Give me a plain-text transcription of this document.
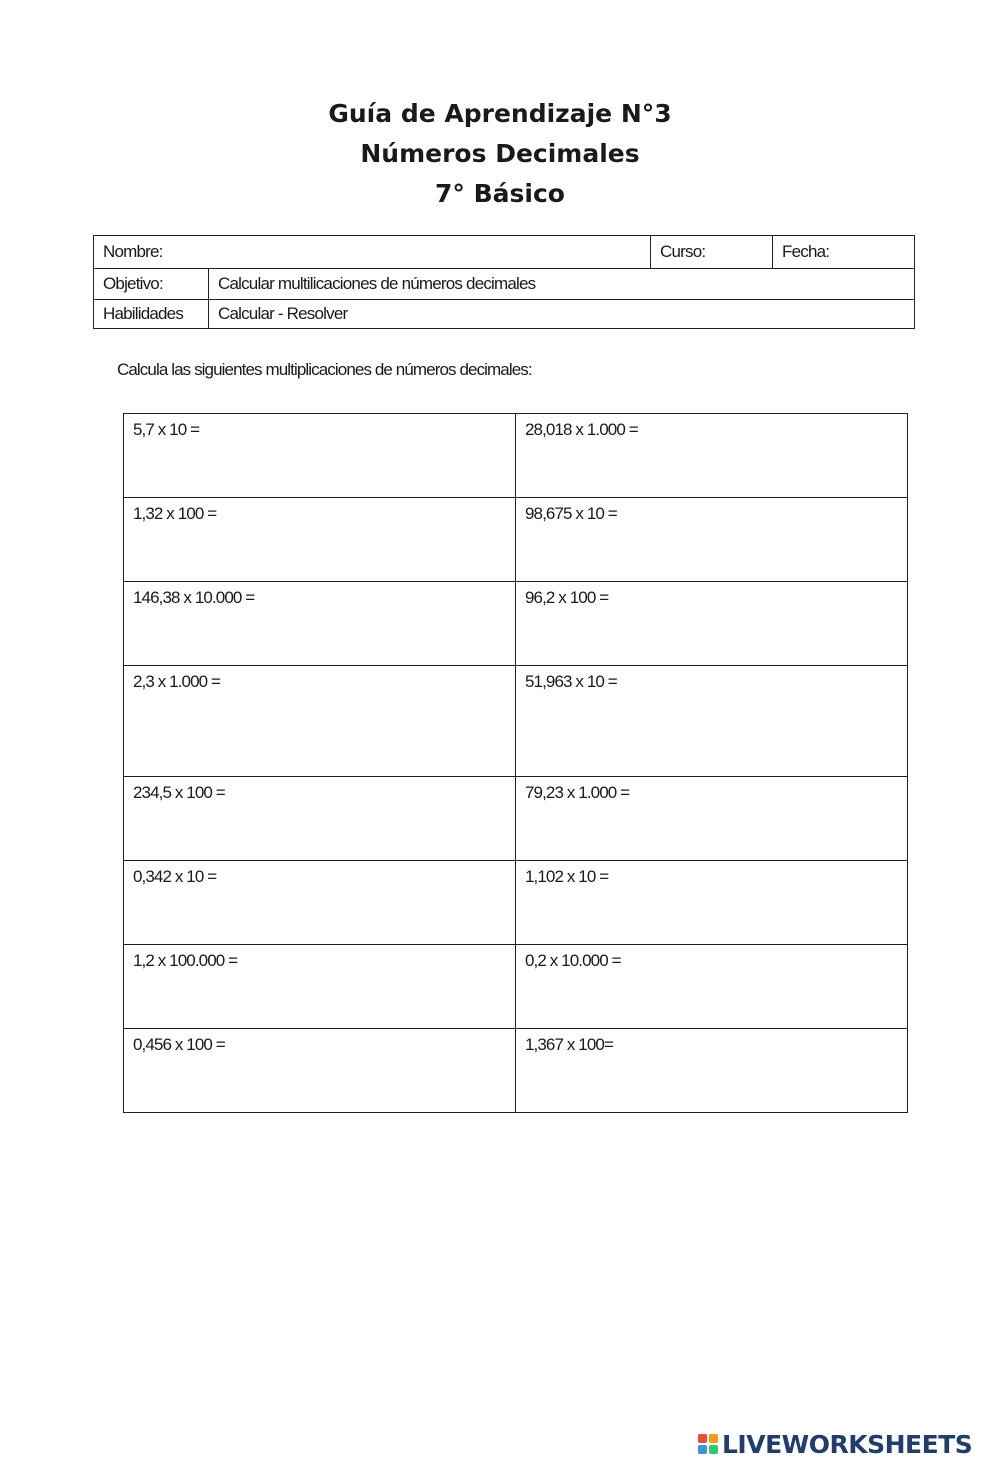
Guía de Aprendizaje N°3
Números Decimales
7° Básico
Nombre:		Curso:	Fecha:
Objetivo:	Calcular multilicaciones de números decimales		
Habilidades	Calcular - Resolver		
Calcula las siguientes multiplicaciones de números decimales:
5,7 x 10 =	28,018 x 1.000 =
1,32 x 100 =	98,675 x 10 =
146,38 x 10.000 =	96,2 x 100 =
2,3 x 1.000 =	51,963 x 10 =
234,5 x 100 =	79,23 x 1.000 =
0,342 x 10 =	1,102 x 10 =
1,2 x 100.000 =	0,2 x 10.000 =
0,456 x 100 =	1,367 x 100=
LIVEWORKSHEETS
